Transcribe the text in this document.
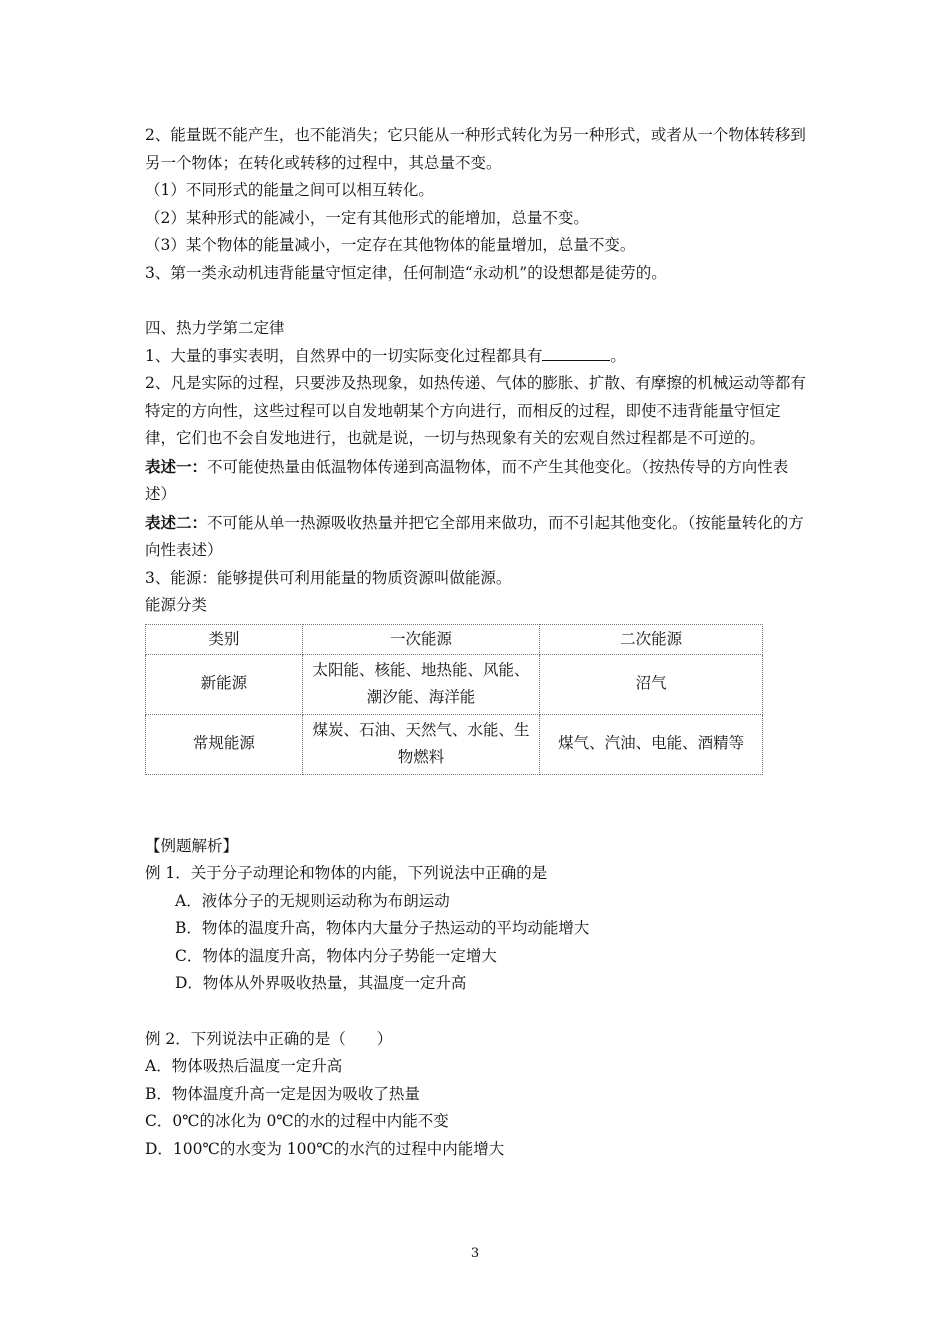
2、能量既不能产生，也不能消失；它只能从一种形式转化为另一种形式，或者从一个物体转移到另一个物体；在转化或转移的过程中，其总量不变。

（1）不同形式的能量之间可以相互转化。

（2）某种形式的能减小，一定有其他形式的能增加，总量不变。

（3）某个物体的能量减小，一定存在其他物体的能量增加，总量不变。

3、第一类永动机违背能量守恒定律，任何制造“永动机”的设想都是徒劳的。

四、热力学第二定律

1、大量的事实表明，自然界中的一切实际变化过程都具有	。

2、凡是实际的过程，只要涉及热现象，如热传递、气体的膨胀、扩散、有摩擦的机械运动等都有特定的方向性，这些过程可以自发地朝某个方向进行，而相反的过程，即使不违背能量守恒定律，它们也不会自发地进行，也就是说，一切与热现象有关的宏观自然过程都是不可逆的。

表述一：不可能使热量由低温物体传递到高温物体，而不产生其他变化。（按热传导的方向性表述）

表述二：不可能从单一热源吸收热量并把它全部用来做功，而不引起其他变化。（按能量转化的方向性表述）

3、能源：能够提供可利用能量的物质资源叫做能源。

能源分类

类别	一次能源	二次能源
新能源	太阳能、核能、地热能、风能、潮汐能、海洋能	沼气
常规能源	煤炭、石油、天然气、水能、生物燃料	煤气、汽油、电能、酒精等

【例题解析】

例 1．关于分子动理论和物体的内能，下列说法中正确的是

A．液体分子的无规则运动称为布朗运动

B．物体的温度升高，物体内大量分子热运动的平均动能增大

C．物体的温度升高，物体内分子势能一定增大

D．物体从外界吸收热量，其温度一定升高

例 2．下列说法中正确的是（　　）

A．物体吸热后温度一定升高

B．物体温度升高一定是因为吸收了热量

C．0℃的冰化为 0℃的水的过程中内能不变

D．100℃的水变为 100℃的水汽的过程中内能增大

3
